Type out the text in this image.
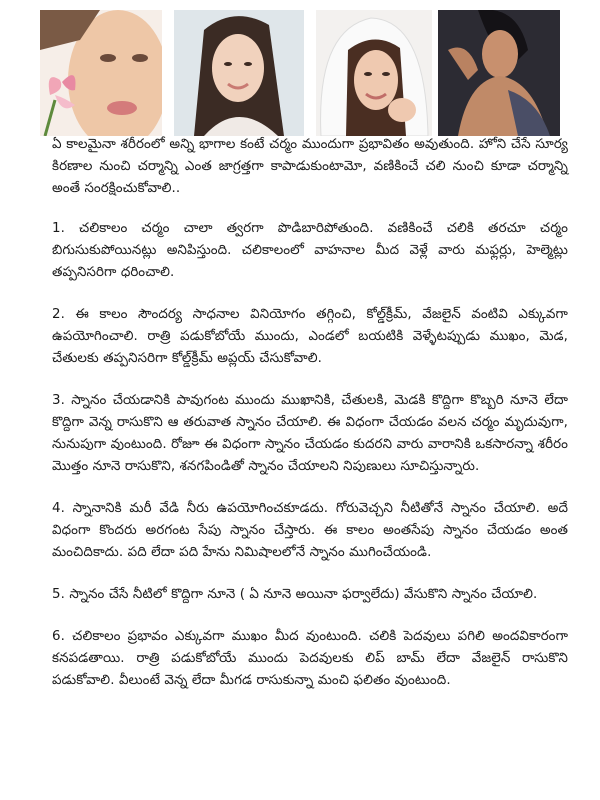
ఏ కాలమైనా శరీరంలో అన్ని భాగాల కంటే చర్మం ముందుగా ప్రభావితం అవుతుంది. హోని చేసే సూర్య కిరణాల నుంచి చర్మాన్ని ఎంత జాగ్రత్తగా కాపాడుకుంటామో, వణికించే చలి నుంచి కూడా చర్మాన్ని అంతే సంరక్షించుకోవాలి..

1. చలికాలం చర్మం చాలా త్వరగా పొడిబారిపోతుంది. వణికించే చలికి తరచూ చర్మం బిగుసుకుపోయినట్లు అనిపిస్తుంది. చలికాలంలో వాహనాల మీద వెళ్లే వారు మఫ్లర్లు, హెల్మెట్లు తప్పనిసరిగా ధరించాలి.

2. ఈ కాలం సౌందర్య సాధనాల వినియోగం తగ్గించి, కోల్డ్‌క్రీమ్, వేజలైన్ వంటివి ఎక్కువగా ఉపయోగించాలి. రాత్రి పడుకోబోయే ముందు, ఎండలో బయటికి వెళ్ళేటప్పుడు ముఖం, మెడ, చేతులకు తప్పనిసరిగా కోల్డ్‌క్రీమ్ అప్లయ్ చేసుకోవాలి.

3. స్నానం చేయడానికి పావుగంట ముందు ముఖానికి, చేతులకి, మెడకి కొద్దిగా కొబ్బరి నూనె లేదా కొద్దిగా వెన్న రాసుకొని ఆ తరువాత స్నానం చేయాలి. ఈ విధంగా చేయడం వలన చర్మం మృదువుగా, నునుపుగా వుంటుంది. రోజూ ఈ విధంగా స్నానం చేయడం కుదరని వారు వారానికి ఒకసారన్నా శరీరం మొత్తం నూనె రాసుకొని, శనగపిండితో స్నానం చేయాలని నిపుణులు సూచిస్తున్నారు.

4. స్నానానికి మరీ వేడి నీరు ఉపయోగించకూడదు. గోరువెచ్చని నీటితోనే స్నానం చేయాలి. అదే విధంగా కొందరు అరగంట సేపు స్నానం చేస్తారు. ఈ కాలం అంతసేపు స్నానం చేయడం అంత మంచిదికాదు. పది లేదా పది హేను నిమిషాలలోనే స్నానం ముగించేయండి.

5. స్నానం చేసే నీటిలో కొద్దిగా నూనె ( ఏ నూనె అయినా ఫర్వాలేదు) వేసుకొని స్నానం చేయాలి.

6. చలికాలం ప్రభావం ఎక్కువగా ముఖం మీద వుంటుంది. చలికి పెదవులు పగిలి అందవికారంగా కనపడతాయి. రాత్రి పడుకోబోయే ముందు పెదవులకు లిప్ బామ్ లేదా వేజలైన్ రాసుకొని పడుకోవాలి. వీలుంటే వెన్న లేదా మీగడ రాసుకున్నా మంచి ఫలితం వుంటుంది.
